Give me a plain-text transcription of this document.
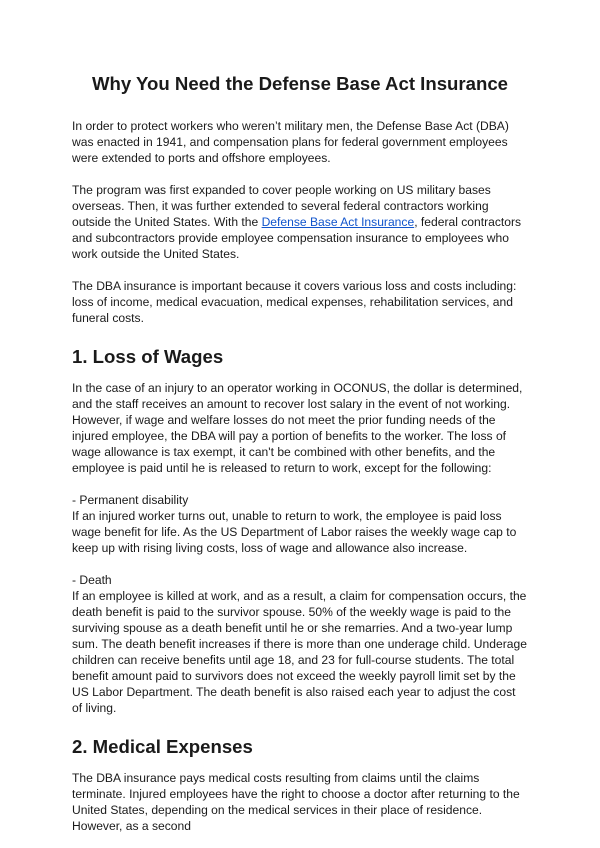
Why You Need the Defense Base Act Insurance

In order to protect workers who weren’t military men, the Defense Base Act (DBA) was enacted in 1941, and compensation plans for federal government employees were extended to ports and offshore employees.

The program was first expanded to cover people working on US military bases overseas. Then, it was further extended to several federal contractors working outside the United States. With the Defense Base Act Insurance, federal contractors and subcontractors provide employee compensation insurance to employees who work outside the United States.

The DBA insurance is important because it covers various loss and costs including: loss of income, medical evacuation, medical expenses, rehabilitation services, and funeral costs.

1. Loss of Wages

In the case of an injury to an operator working in OCONUS, the dollar is determined, and the staff receives an amount to recover lost salary in the event of not working. However, if wage and welfare losses do not meet the prior funding needs of the injured employee, the DBA will pay a portion of benefits to the worker. The loss of wage allowance is tax exempt, it can't be combined with other benefits, and the employee is paid until he is released to return to work, except for the following:

- Permanent disability

If an injured worker turns out, unable to return to work, the employee is paid loss wage benefit for life. As the US Department of Labor raises the weekly wage cap to keep up with rising living costs, loss of wage and allowance also increase.

- Death

If an employee is killed at work, and as a result, a claim for compensation occurs, the death benefit is paid to the survivor spouse. 50% of the weekly wage is paid to the surviving spouse as a death benefit until he or she remarries. And a two-year lump sum. The death benefit increases if there is more than one underage child. Underage children can receive benefits until age 18, and 23 for full-course students. The total benefit amount paid to survivors does not exceed the weekly payroll limit set by the US Labor Department. The death benefit is also raised each year to adjust the cost of living.

2. Medical Expenses

The DBA insurance pays medical costs resulting from claims until the claims terminate. Injured employees have the right to choose a doctor after returning to the United States, depending on the medical services in their place of residence. However, as a second
